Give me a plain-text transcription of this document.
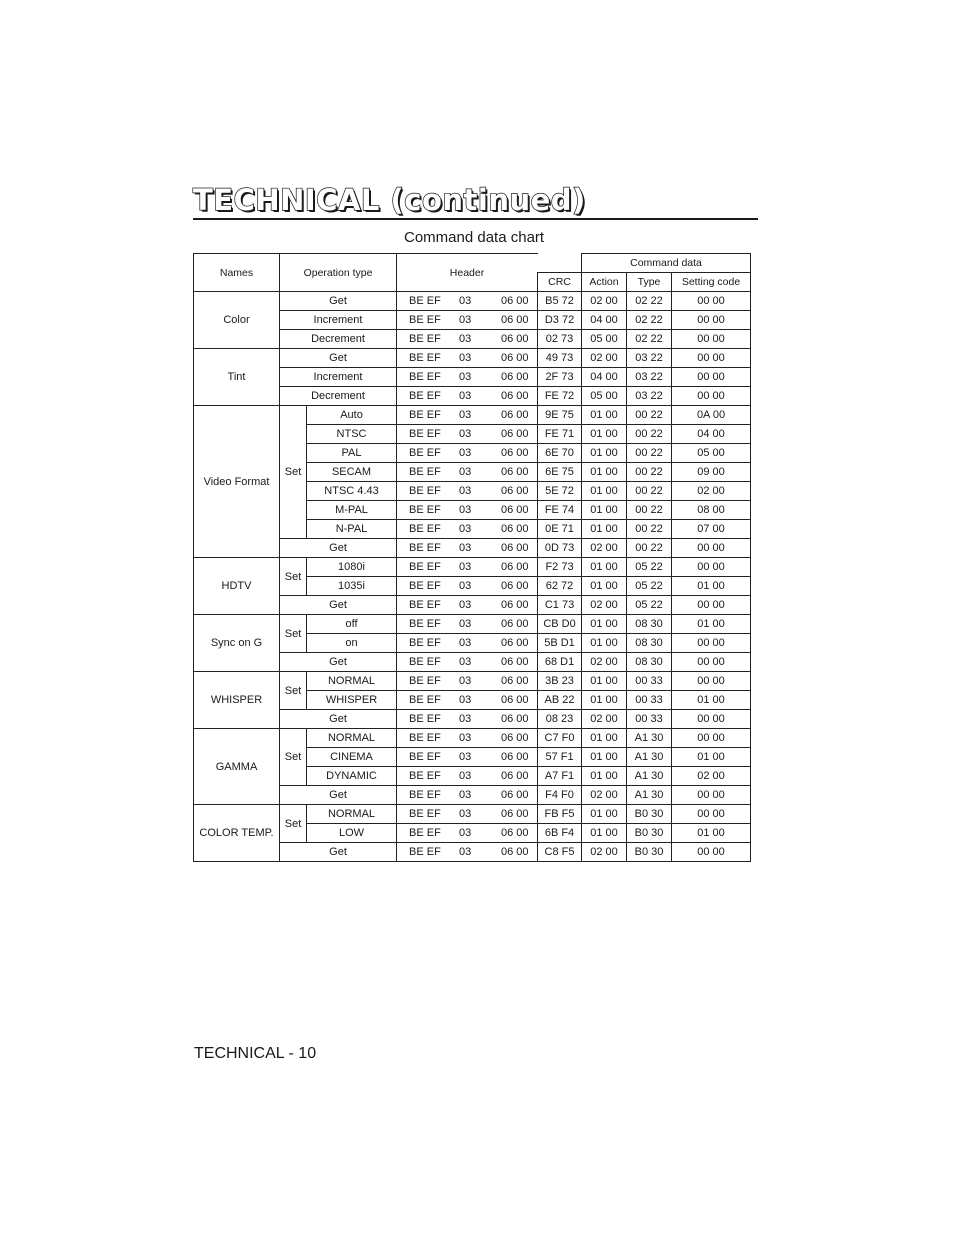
TECHNICAL (continued)
Command data chart
Names	Operation type		Header		Command data		
				CRC	Action	Type	Setting code
Color	Get		BE EF 03 06 00	B5 72	02 00	02 22	00 00
	Increment		BE EF 03 06 00	D3 72	04 00	02 22	00 00
	Decrement		BE EF 03 06 00	02 73	05 00	02 22	00 00
Tint	Get		BE EF 03 06 00	49 73	02 00	03 22	00 00
	Increment		BE EF 03 06 00	2F 73	04 00	03 22	00 00
	Decrement		BE EF 03 06 00	FE 72	05 00	03 22	00 00
Video Format	Set	Auto	BE EF 03 06 00	9E 75	01 00	00 22	0A 00
		NTSC	BE EF 03 06 00	FE 71	01 00	00 22	04 00
		PAL	BE EF 03 06 00	6E 70	01 00	00 22	05 00
		SECAM	BE EF 03 06 00	6E 75	01 00	00 22	09 00
		NTSC 4.43	BE EF 03 06 00	5E 72	01 00	00 22	02 00
		M-PAL	BE EF 03 06 00	FE 74	01 00	00 22	08 00
		N-PAL	BE EF 03 06 00	0E 71	01 00	00 22	07 00
	Get		BE EF 03 06 00	0D 73	02 00	00 22	00 00
HDTV	Set	1080i	BE EF 03 06 00	F2 73	01 00	05 22	00 00
		1035i	BE EF 03 06 00	62 72	01 00	05 22	01 00
	Get		BE EF 03 06 00	C1 73	02 00	05 22	00 00
Sync on G	Set	off	BE EF 03 06 00	CB D0	01 00	08 30	01 00
		on	BE EF 03 06 00	5B D1	01 00	08 30	00 00
	Get		BE EF 03 06 00	68 D1	02 00	08 30	00 00
WHISPER	Set	NORMAL	BE EF 03 06 00	3B 23	01 00	00 33	00 00
		WHISPER	BE EF 03 06 00	AB 22	01 00	00 33	01 00
	Get		BE EF 03 06 00	08 23	02 00	00 33	00 00
GAMMA	Set	NORMAL	BE EF 03 06 00	C7 F0	01 00	A1 30	00 00
		CINEMA	BE EF 03 06 00	57 F1	01 00	A1 30	01 00
		DYNAMIC	BE EF 03 06 00	A7 F1	01 00	A1 30	02 00
	Get		BE EF 03 06 00	F4 F0	02 00	A1 30	00 00
COLOR TEMP.	Set	NORMAL	BE EF 03 06 00	FB F5	01 00	B0 30	00 00
		LOW	BE EF 03 06 00	6B F4	01 00	B0 30	01 00
	Get		BE EF 03 06 00	C8 F5	02 00	B0 30	00 00
TECHNICAL - 10
